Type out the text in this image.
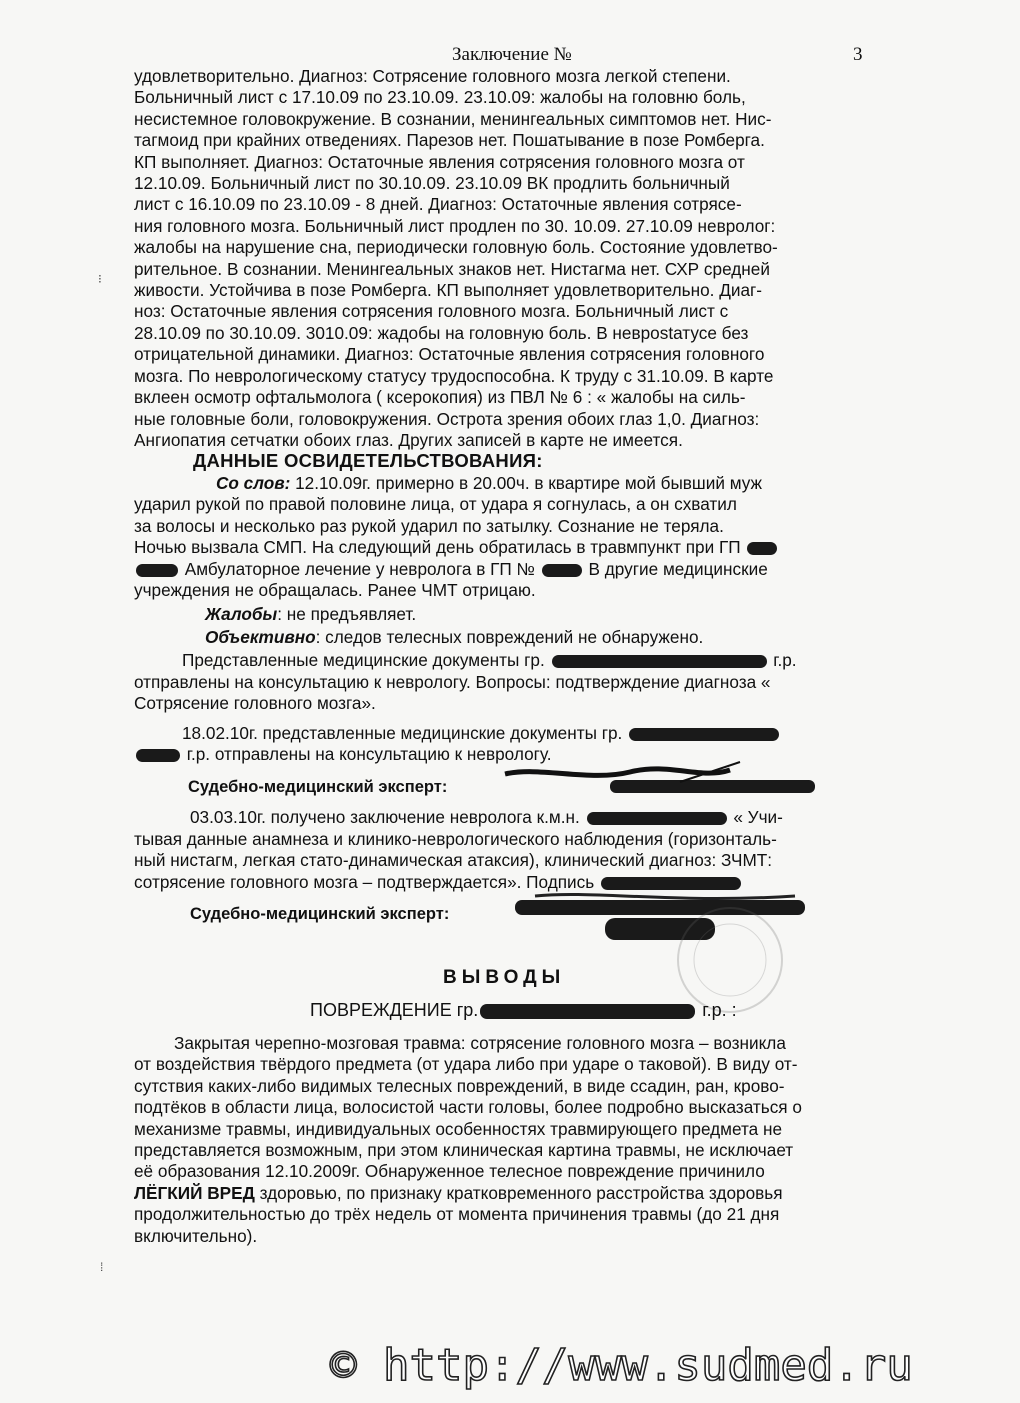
Заключение №	3
удовлетворительно. Диагноз: Сотрясение головного мозга легкой степени.
Больничный лист с 17.10.09 по 23.10.09. 23.10.09: жалобы на головню боль,
несистемное головокружение. В сознании, менингеальных симптомов нет. Нис-
тагмоид при крайних отведениях. Парезов нет. Пошатывание в позе Ромберга.
КП выполняет. Диагноз: Остаточные явления сотрясения головного мозга от
12.10.09. Больничный лист по 30.10.09. 23.10.09 ВК продлить больничный
лист с 16.10.09 по 23.10.09 - 8 дней. Диагноз: Остаточные явления сотрясе-
ния головного мозга. Больничный лист продлен по 30. 10.09. 27.10.09 невролог:
жалобы на нарушение сна, периодически головную боль. Состояние удовлетво-
рительное. В сознании. Менингеальных знаков нет. Нистагма нет. СХР средней
живости. Устойчива в позе Ромберга. КП выполняет удовлетворительно. Диаг-
ноз: Остаточные явления сотрясения головного мозга. Больничный лист с
28.10.09 по 30.10.09. 3010.09: жадобы на головную боль. В неврostатусе без
отрицательной динамики. Диагноз: Остаточные явления сотрясения головного
мозга. По неврологическому статусу трудоспособна. К труду с 31.10.09. В карте
вклеен осмотр офтальмолога ( ксерокопия) из ПВЛ № 6 : « жалобы на силь-
ные головные боли, головокружения. Острота зрения обоих глаз 1,0. Диагноз:
Ангиопатия сетчатки обоих глаз. Других записей в карте не имеется.
ДАННЫЕ ОСВИДЕТЕЛЬСТВОВАНИЯ:
Со слов: 12.10.09г. примерно в 20.00ч. в квартире мой бывший муж
ударил рукой по правой половине лица, от удара я согнулась, а он схватил
за волосы и несколько раз рукой ударил по затылку. Сознание не теряла.
Ночью вызвала СМП. На следующий день обратилась в травмпункт при ГП
Амбулаторное лечение у невролога в ГП №	В другие медицинские
учреждения не обращалась. Ранее ЧМТ отрицаю.
Жалобы: не предъявляет.
Объективно: следов телесных повреждений не обнаружено.
Представленные медицинские документы гр.	г.р.
отправлены на консультацию к неврологу. Вопросы: подтверждение диагноза «
Сотрясение головного мозга».
18.02.10г. представленные медицинские документы гр.
г.р. отправлены на консультацию к неврологу.
Судебно-медицинский эксперт:
03.03.10г. получено заключение невролога к.м.н.	« Учи-
тывая данные анамнеза и клинико-неврологического наблюдения (горизонталь-
ный нистагм, легкая стато-динамическая атаксия), клинический диагноз: ЗЧМТ:
сотрясение головного мозга – подтверждается». Подпись
Судебно-медицинский эксперт:
ВЫВОДЫ
ПОВРЕЖДЕНИЕ гр.	г.р. :
Закрытая черепно-мозговая травма: сотрясение головного мозга – возникла
от воздействия твёрдого предмета (от удара либо при ударе о таковой). В виду от-
сутствия каких-либо видимых телесных повреждений, в виде ссадин, ран, крово-
подтёков в области лица, волосистой части головы, более подробно высказаться о
механизме травмы, индивидуальных особенностях травмирующего предмета не
представляется возможным, при этом клиническая картина травмы, не исключает
её образования 12.10.2009г. Обнаруженное телесное повреждение причинило
ЛЁГКИЙ ВРЕД здоровью, по признаку кратковременного расстройства здоровья
продолжительностью до трёх недель от момента причинения травмы (до 21 дня
включительно).
⁝
⁞
© http://www.sudmed.ru
